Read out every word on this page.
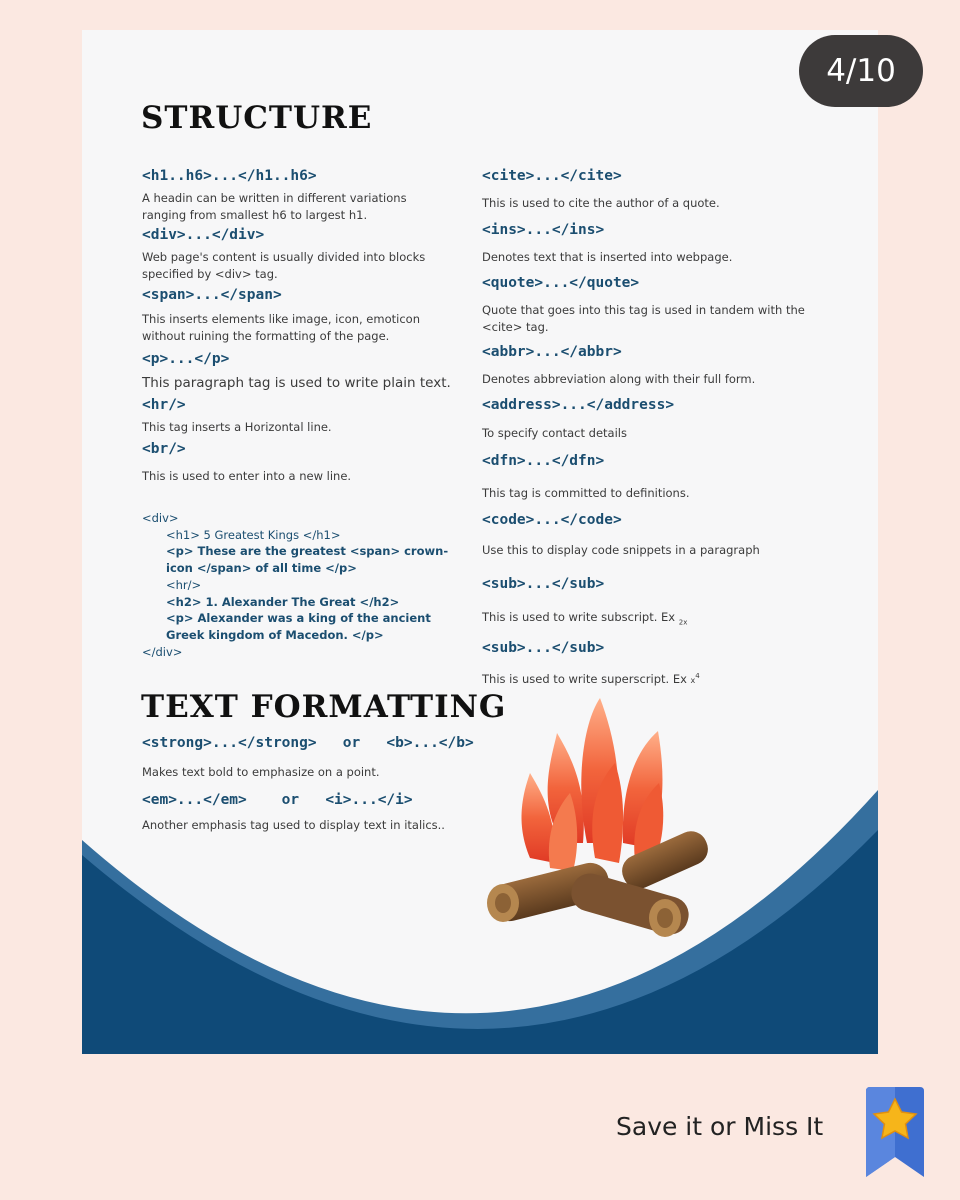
STRUCTURE
<h1..h6>...</h1..h6>

A headin can be written in different variations ranging from smallest h6 to largest h1.

<div>...</div>

Web page's content is usually divided into blocks specified by <div> tag.

<span>...</span>

This inserts elements like image, icon, emoticon without ruining the formatting of the page.

<p>...</p>

This paragraph tag is used to write plain text.

<hr/>

This tag inserts a Horizontal line.

<br/>

This is used to enter into a new line.

<div>
<h1> 5 Greatest Kings </h1>
<p> These are the greatest <span> crown-icon </span> of all time </p>
<hr/>
<h2> 1. Alexander The Great </h2>
<p> Alexander was a king of the ancient Greek kingdom of Macedon. </p>
</div>
<cite>...</cite>

This is used to cite the author of a quote.

<ins>...</ins>

Denotes text that is inserted into webpage.

<quote>...</quote>

Quote that goes into this tag is used in tandem with the <cite> tag.

<abbr>...</abbr>

Denotes abbreviation along with their full form.

<address>...</address>

To specify contact details

<dfn>...</dfn>

This tag is committed to definitions.

<code>...</code>

Use this to display code snippets in a paragraph

<sub>...</sub>

This is used to write subscript. Ex $_{2x}$

<sub>...</sub>

This is used to write superscript. Ex $x^4$

TEXT FORMATTING
<strong>...</strong>   or   <b>...</b>

Makes text bold to emphasize on a point.

<em>...</em>    or   <i>...</i>

Another emphasis tag used to display text in italics..

4/10
Save it or Miss It
